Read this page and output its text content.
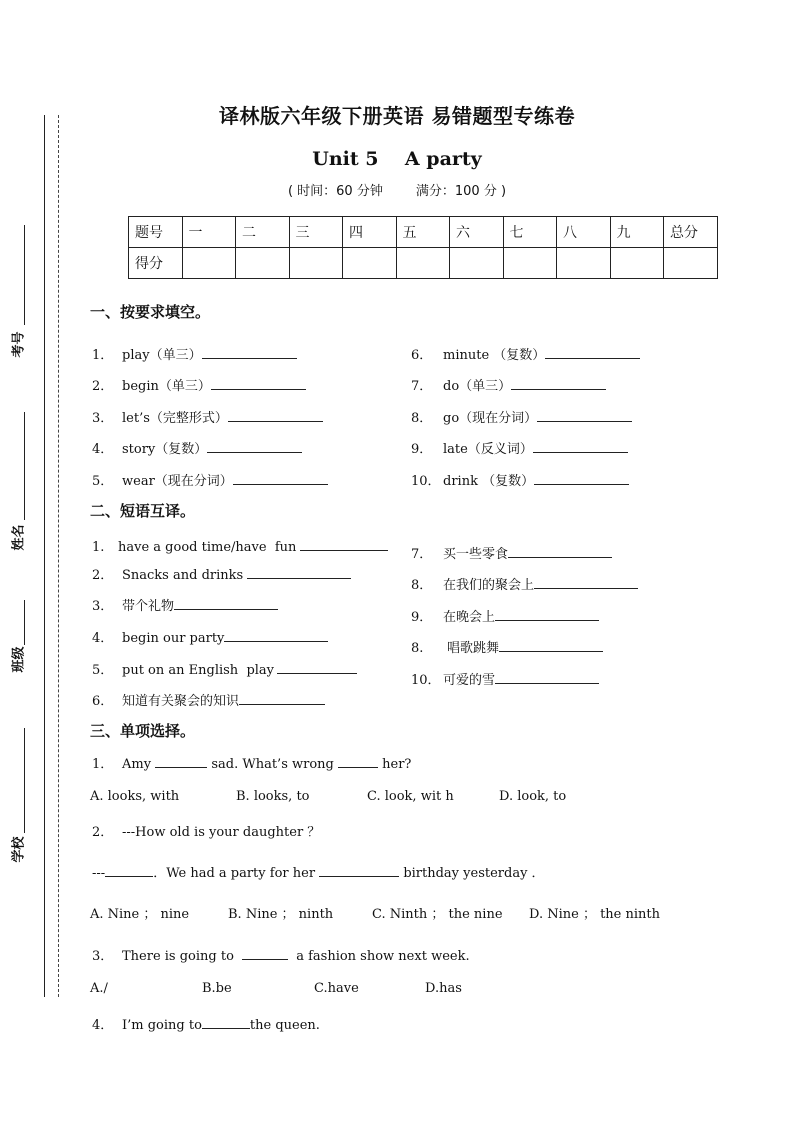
考号
姓名
班级
学校
译林版六年级下册英语 易错题型专练卷
Unit 5    A party
( 时间：60 分钟        满分：100 分 )
题号	一	二	三	四	五	六	七	八	九	总分
得分										
一、按要求填空。
1． play（单三）
2． begin（单三）
3． let’s（完整形式）
4． story（复数）
5． wear（现在分词）
6． minute （复数）
7． do（单三）
8． go（现在分词）
9． late（反义词）
10． drink （复数）
二、短语互译。
1. have a good time/have  fun
2． Snacks and drinks
3． 带个礼物
4． begin our party
5． put on an English  play
6． 知道有关聚会的知识
7． 买一些零食
8． 在我们的聚会上
9． 在晚会上
8. 唱歌跳舞
10． 可爱的雪
三、单项选择。
1． Amy	sad. What’s wrong	her?
A. looks, with	B. looks, to	C. look, wit h	D. look, to
2． ---How old is your daughter ？
---	．We had a party for her	birthday yesterday ．
A. Nine ； nine	B. Nine ； ninth	C. Ninth ； the nine D. Nine ； the ninth
3． There is going to	a fashion show next week.
A./	B.be	C.have	D.has
4． I’m going to	the queen.
